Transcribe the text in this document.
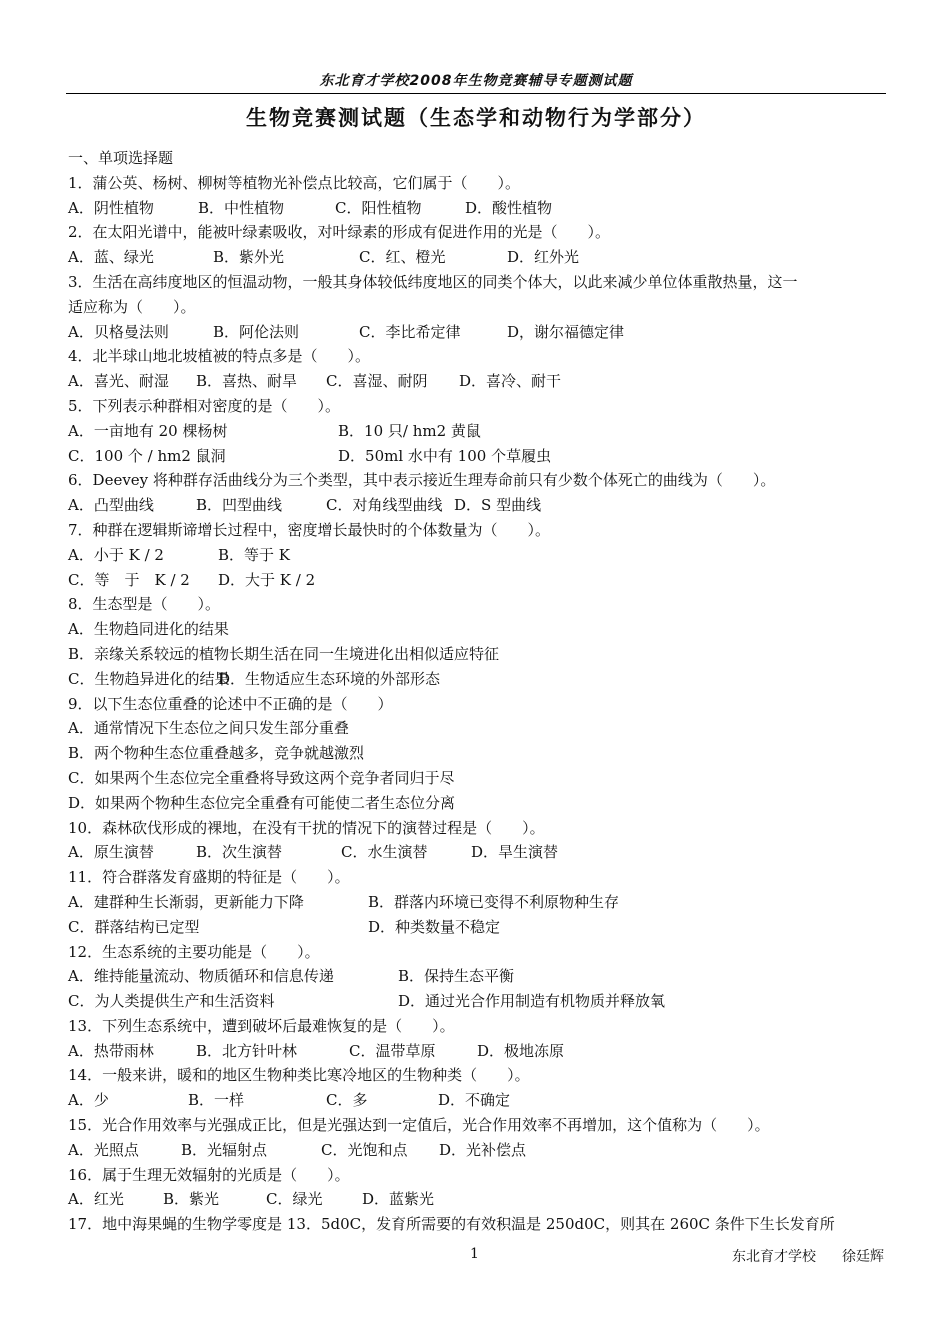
东北育才学校2008年生物竞赛辅导专题测试题
生物竞赛测试题（生态学和动物行为学部分）
一、单项选择题
1．蒲公英、杨树、柳树等植物光补偿点比较高，它们属于（　　）。
A．阴性植物	B．中性植物	C．阳性植物	D．酸性植物
2．在太阳光谱中，能被叶绿素吸收，对叶绿素的形成有促进作用的光是（　　）。
A．蓝、绿光	B．紫外光	C．红、橙光	D．红外光
3．生活在高纬度地区的恒温动物，一般其身体较低纬度地区的同类个体大，以此来减少单位体重散热量，这一
适应称为（　　）。
A．贝格曼法则	B．阿伦法则	C．李比希定律	D，谢尔福德定律
4．北半球山地北坡植被的特点多是（　　）。
A．喜光、耐湿	B．喜热、耐旱	C．喜湿、耐阴	D．喜冷、耐干
5．下列表示种群相对密度的是（　　）。
A．一亩地有 20 棵杨树	B．10 只/ hm2 黄鼠
C．100 个 / hm2 鼠洞	D．50ml 水中有 100 个草履虫
6．Deevey 将种群存活曲线分为三个类型，其中表示接近生理寿命前只有少数个体死亡的曲线为（　　）。
A．凸型曲线	B．凹型曲线	C．对角线型曲线 D．S 型曲线
7．种群在逻辑斯谛增长过程中，密度增长最快时的个体数量为（　　）。
A．小于 K / 2	B．等于 K
C．等　于　K / 2	D．大于 K / 2
8．生态型是（　　）。
A．生物趋同进化的结果
B．亲缘关系较远的植物长期生活在同一生境进化出相似适应特征
C．生物趋异进化的结果
D．生物适应生态环境的外部形态
9．以下生态位重叠的论述中不正确的是（　　）
A．通常情况下生态位之间只发生部分重叠
B．两个物种生态位重叠越多，竞争就越激烈
C．如果两个生态位完全重叠将导致这两个竞争者同归于尽
D．如果两个物种生态位完全重叠有可能使二者生态位分离
10．森林砍伐形成的裸地，在没有干扰的情况下的演替过程是（　　）。
A．原生演替	B．次生演替	C．水生演替	D．旱生演替
11．符合群落发育盛期的特征是（　　）。
A．建群种生长渐弱，更新能力下降	B．群落内环境已变得不利原物种生存
C．群落结构已定型	D．种类数量不稳定
12．生态系统的主要功能是（　　）。
A．维持能量流动、物质循环和信息传递	B．保持生态平衡
C．为人类提供生产和生活资料	D．通过光合作用制造有机物质并释放氧
13．下列生态系统中，遭到破坏后最难恢复的是（　　）。
A．热带雨林	B．北方针叶林	C．温带草原	D．极地冻原
14．一般来讲，暖和的地区生物种类比寒冷地区的生物种类（　　）。
A．少	B．一样	C．多	D．不确定
15．光合作用效率与光强成正比，但是光强达到一定值后，光合作用效率不再增加，这个值称为（　　）。
A．光照点	B．光辐射点	C．光饱和点	D．光补偿点
16．属于生理无效辐射的光质是（　　）。
A．红光	B．紫光	C．绿光	D．蓝紫光
17．地中海果蝇的生物学零度是 13．5d0C，发育所需要的有效积温是 250d0C，则其在 260C 条件下生长发育所
1	东北育才学校 徐廷辉
